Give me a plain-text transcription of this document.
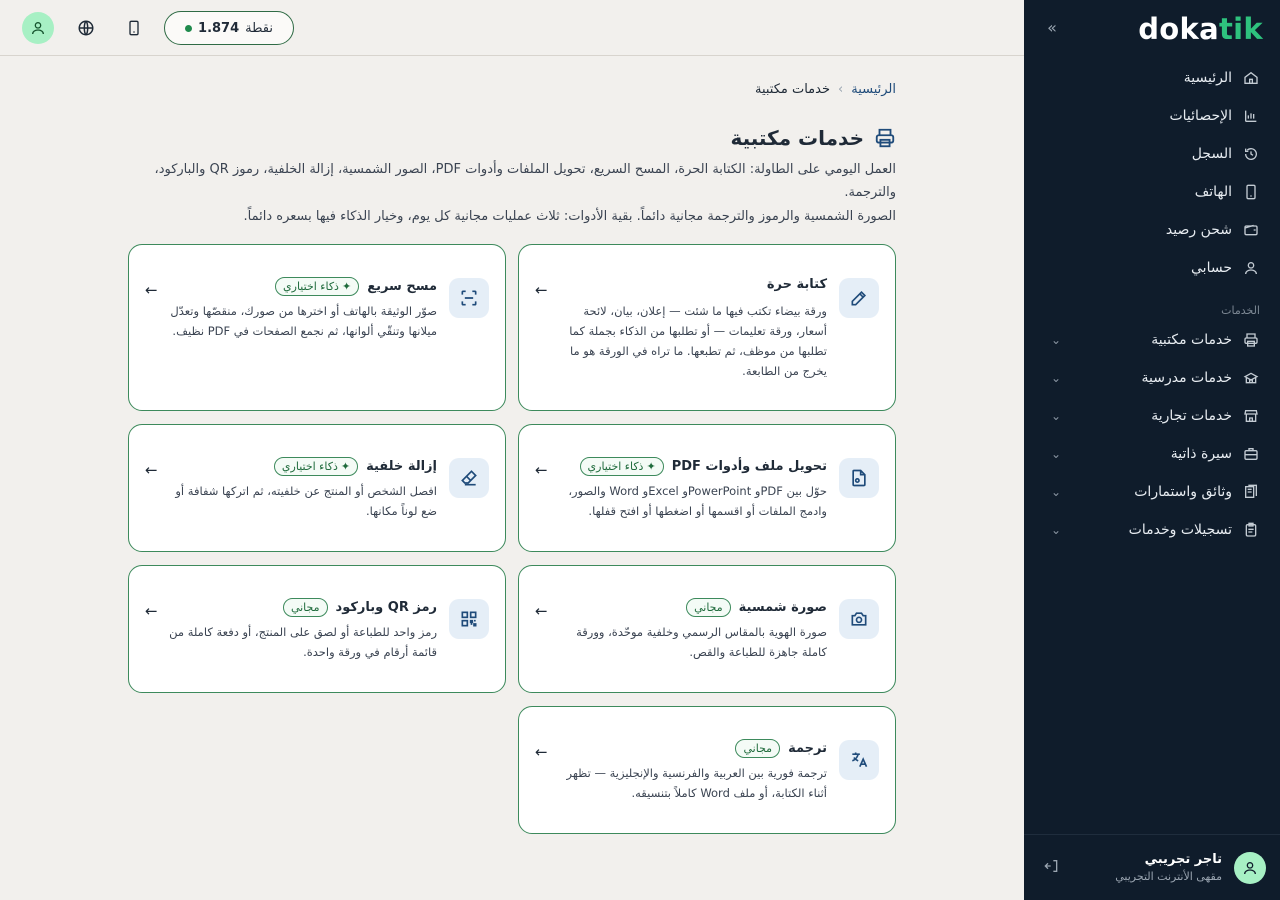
نقطة
1.874
الرئيسية
›
خدمات مكتبية
خدمات مكتبية

العمل اليومي على الطاولة: الكتابة الحرة، المسح السريع، تحويل الملفات وأدوات PDF، الصور الشمسية، إزالة الخلفية، رموز QR والباركود، والترجمة.

الصورة الشمسية والرموز والترجمة مجانية دائماً. بقية الأدوات: ثلاث عمليات مجانية كل يوم، وخيار الذكاء فيها بسعره دائماً.

كتابة حرة
←
ورقة بيضاء تكتب فيها ما شئت — إعلان، بيان، لائحة أسعار، ورقة تعليمات — أو تطلبها من الذكاء بجملة كما تطلبها من موظف، ثم تطبعها. ما تراه في الورقة هو ما يخرج من الطابعة.
مسح سريع
✦ذكاء اختياري
←
صوّر الوثيقة بالهاتف أو اخترها من صورك، منقصّها وتعدّل ميلانها وتنقّي ألوانها، ثم نجمع الصفحات في PDF نظيف.
تحويل ملف وأدوات PDF
✦ذكاء اختياري
←
حوّل بين PDFو PowerPointو Excelو Word والصور، وادمج الملفات أو اقسمها أو اضغطها أو افتح قفلها.
إزالة خلفية
✦ذكاء اختياري
←
افصل الشخص أو المنتج عن خلفيته، ثم اتركها شفافة أو ضع لوناً مكانها.
صورة شمسية
مجاني
←
صورة الهوية بالمقاس الرسمي وخلفية موحّدة، وورقة كاملة جاهزة للطباعة والقص.
رمز QR وباركود
مجاني
←
رمز واحد للطباعة أو لصق على المنتج، أو دفعة كاملة من قائمة أرقام في ورقة واحدة.
ترجمة
مجاني
←
ترجمة فورية بين العربية والفرنسية والإنجليزية — تظهر أثناء الكتابة، أو ملف Word كاملاً بتنسيقه.
dokatik
»
الرئيسية
الإحصائيات
السجل
الهاتف
شحن رصيد
حسابي
الخدمات
خدمات مكتبية
⌄
خدمات مدرسية
⌄
خدمات تجارية
⌄
سيرة ذاتية
⌄
وثائق واستمارات
⌄
تسجيلات وخدمات
⌄
تاجر تجريبي
مقهى الأنترنت التجريبي
